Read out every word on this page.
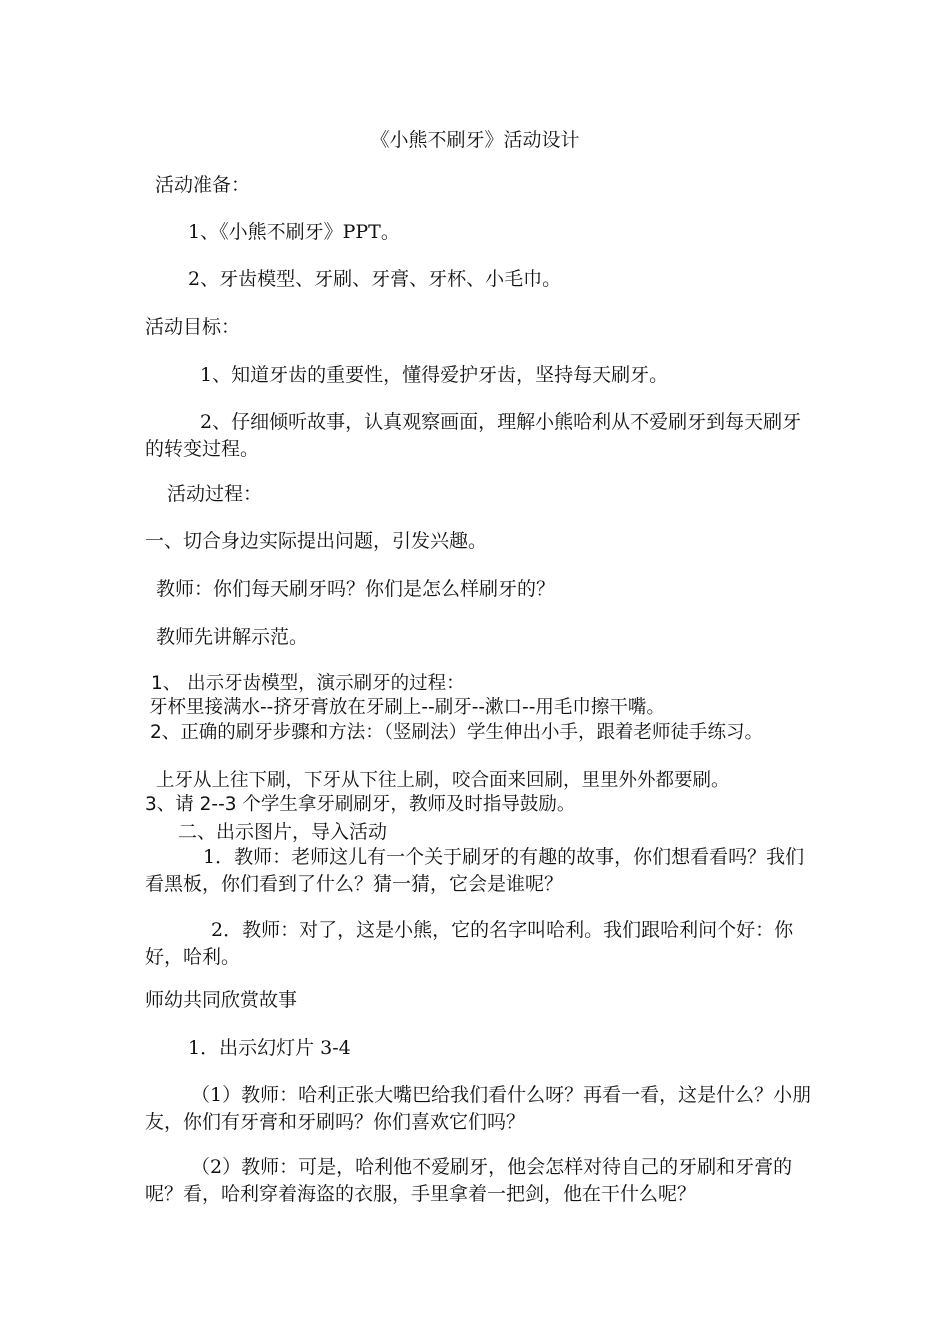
《小熊不刷牙》活动设计
活动准备：
1、《小熊不刷牙》PPT。
2、牙齿模型、牙刷、牙膏、牙杯、小毛巾。
活动目标：
1、知道牙齿的重要性，懂得爱护牙齿，坚持每天刷牙。
2、仔细倾听故事，认真观察画面，理解小熊哈利从不爱刷牙到每天刷牙的转变过程。
活动过程：
一、切合身边实际提出问题，引发兴趣。
教师：你们每天刷牙吗？你们是怎么样刷牙的？
教师先讲解示范。
1、 出示牙齿模型，演示刷牙的过程：
牙杯里接满水--挤牙膏放在牙刷上--刷牙--漱口--用毛巾擦干嘴。
2、正确的刷牙步骤和方法：（竖刷法）学生伸出小手，跟着老师徒手练习。
上牙从上往下刷，下牙从下往上刷，咬合面来回刷，里里外外都要刷。
3、请 2--3 个学生拿牙刷刷牙，教师及时指导鼓励。
二、出示图片，导入活动
1．教师：老师这儿有一个关于刷牙的有趣的故事，你们想看看吗？我们看黑板，你们看到了什么？猜一猜，它会是谁呢？
2．教师：对了，这是小熊，它的名字叫哈利。我们跟哈利问个好：你好，哈利。
师幼共同欣赏故事
1．出示幻灯片 3-4
（1）教师：哈利正张大嘴巴给我们看什么呀？再看一看，这是什么？小朋友，你们有牙膏和牙刷吗？你们喜欢它们吗？
（2）教师：可是，哈利他不爱刷牙，他会怎样对待自己的牙刷和牙膏的呢？看，哈利穿着海盗的衣服，手里拿着一把剑，他在干什么呢？
